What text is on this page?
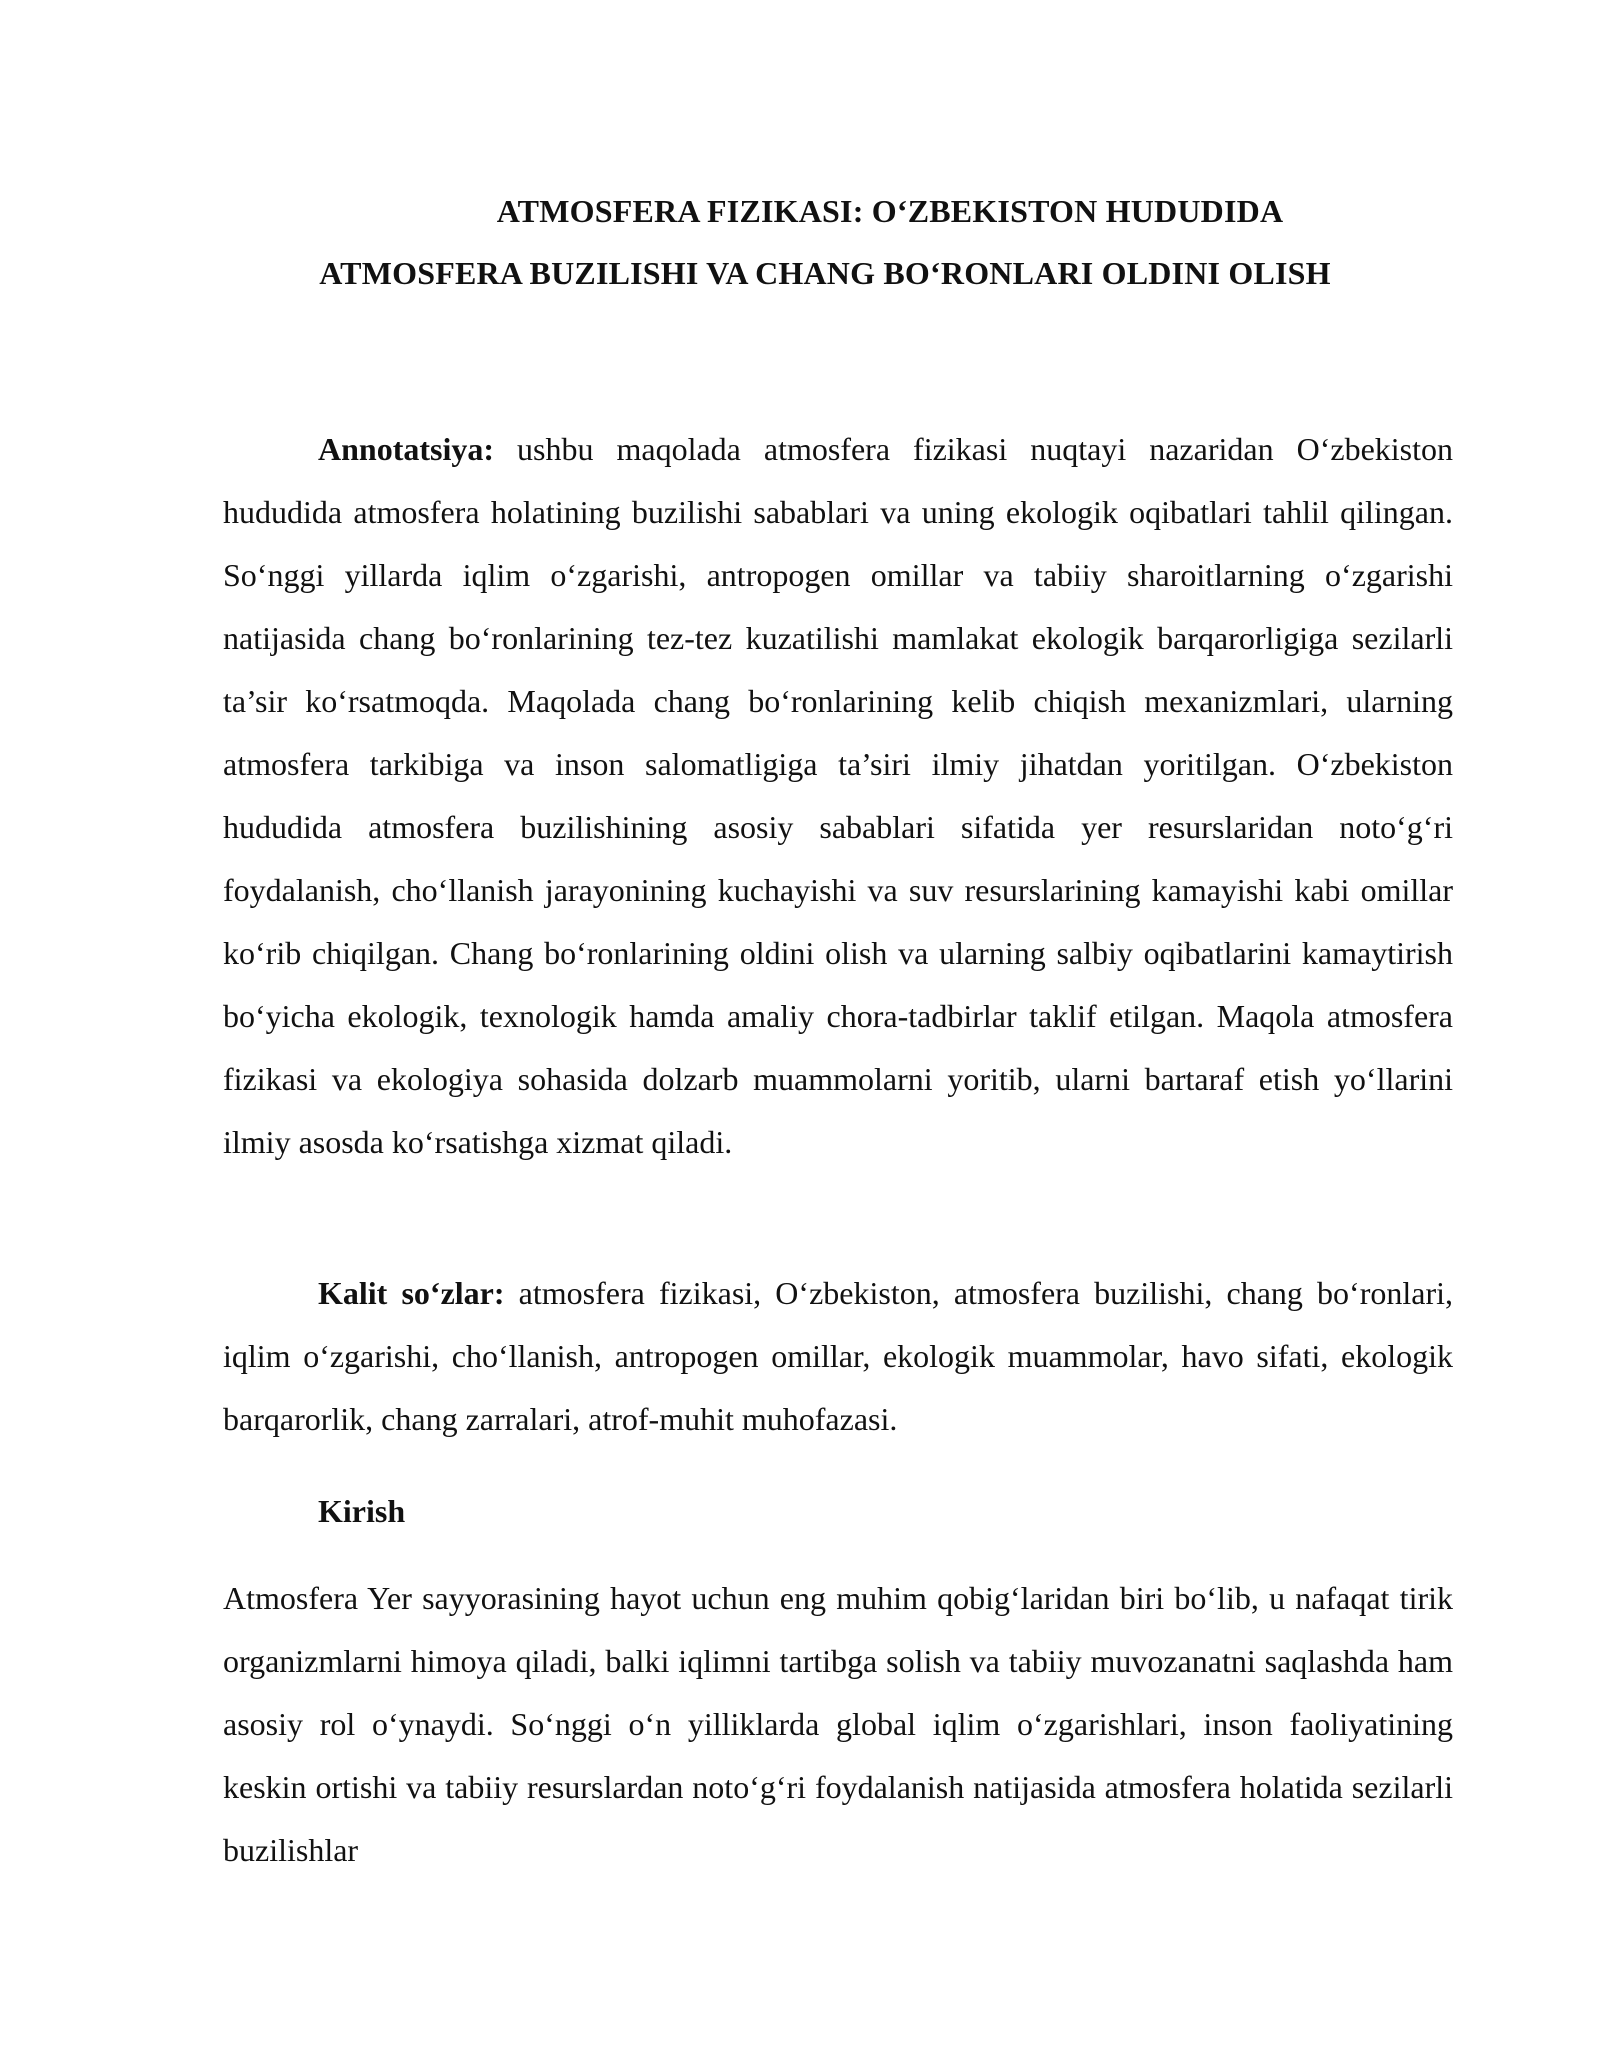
ATMOSFERA FIZIKASI: O‘ZBEKISTON HUDUDIDA
ATMOSFERA BUZILISHI VA CHANG BO‘RONLARI OLDINI OLISH

Annotatsiya: ushbu maqolada atmosfera fizikasi nuqtayi nazaridan O‘zbekiston hududida atmosfera holatining buzilishi sabablari va uning ekologik oqibatlari tahlil qilingan. So‘nggi yillarda iqlim o‘zgarishi, antropogen omillar va tabiiy sharoitlarning o‘zgarishi natijasida chang bo‘ronlarining tez-tez kuzatilishi mamlakat ekologik barqarorligiga sezilarli ta’sir ko‘rsatmoqda. Maqolada chang bo‘ronlarining kelib chiqish mexanizmlari, ularning atmosfera tarkibiga va inson salomatligiga ta’siri ilmiy jihatdan yoritilgan. O‘zbekiston hududida atmosfera buzilishining asosiy sabablari sifatida yer resurslaridan noto‘g‘ri foydalanish, cho‘llanish jarayonining kuchayishi va suv resurslarining kamayishi kabi omillar ko‘rib chiqilgan. Chang bo‘ronlarining oldini olish va ularning salbiy oqibatlarini kamaytirish bo‘yicha ekologik, texnologik hamda amaliy chora-tadbirlar taklif etilgan. Maqola atmosfera fizikasi va ekologiya sohasida dolzarb muammolarni yoritib, ularni bartaraf etish yo‘llarini ilmiy asosda ko‘rsatishga xizmat qiladi.

Kalit so‘zlar: atmosfera fizikasi, O‘zbekiston, atmosfera buzilishi, chang bo‘ronlari, iqlim o‘zgarishi, cho‘llanish, antropogen omillar, ekologik muammolar, havo sifati, ekologik barqarorlik, chang zarralari, atrof-muhit muhofazasi.

Kirish

Atmosfera Yer sayyorasining hayot uchun eng muhim qobig‘laridan biri bo‘lib, u nafaqat tirik organizmlarni himoya qiladi, balki iqlimni tartibga solish va tabiiy muvozanatni saqlashda ham asosiy rol o‘ynaydi. So‘nggi o‘n yilliklarda global iqlim o‘zgarishlari, inson faoliyatining keskin ortishi va tabiiy resurslardan noto‘g‘ri foydalanish natijasida atmosfera holatida sezilarli buzilishlar
